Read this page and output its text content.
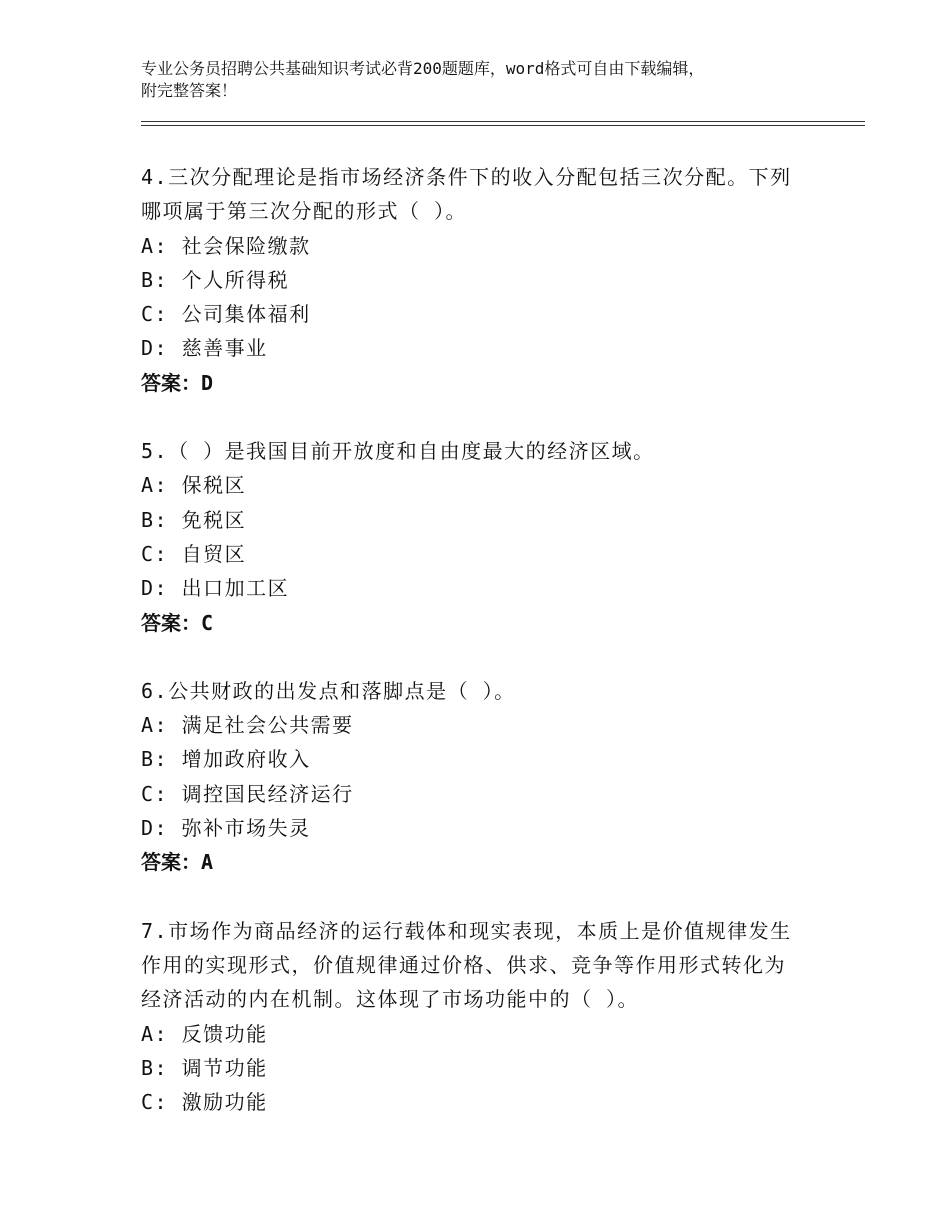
专业公务员招聘公共基础知识考试必背200题题库，word格式可自由下载编辑，
附完整答案！
4.三次分配理论是指市场经济条件下的收入分配包括三次分配。下列
哪项属于第三次分配的形式（ ）。
A: 社会保险缴款
B: 个人所得税
C: 公司集体福利
D: 慈善事业
答案：D
5.（ ）是我国目前开放度和自由度最大的经济区域。
A: 保税区
B: 免税区
C: 自贸区
D: 出口加工区
答案：C
6.公共财政的出发点和落脚点是（ ）。
A: 满足社会公共需要
B: 增加政府收入
C: 调控国民经济运行
D: 弥补市场失灵
答案：A
7.市场作为商品经济的运行载体和现实表现，本质上是价值规律发生
作用的实现形式，价值规律通过价格、供求、竞争等作用形式转化为
经济活动的内在机制。这体现了市场功能中的（ ）。
A: 反馈功能
B: 调节功能
C: 激励功能
